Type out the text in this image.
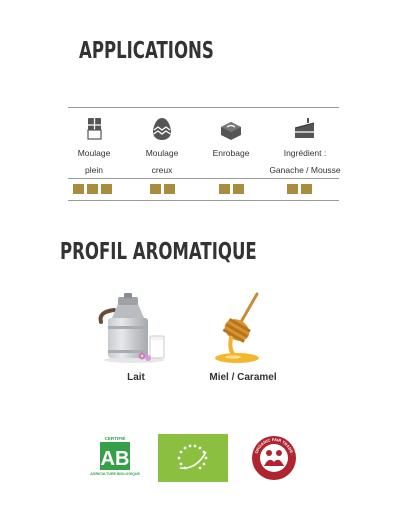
APPLICATIONS
Moulage
plein
Moulage
creux
Enrobage	Ingrédient :
Ganache / Mousse
PROFIL AROMATIQUE
Lait	Miel / Caramel
CERTIFIÉ
AB
AGRICULTURE BIOLOGIQUE
ORGANIC FAIR TRADE ·
